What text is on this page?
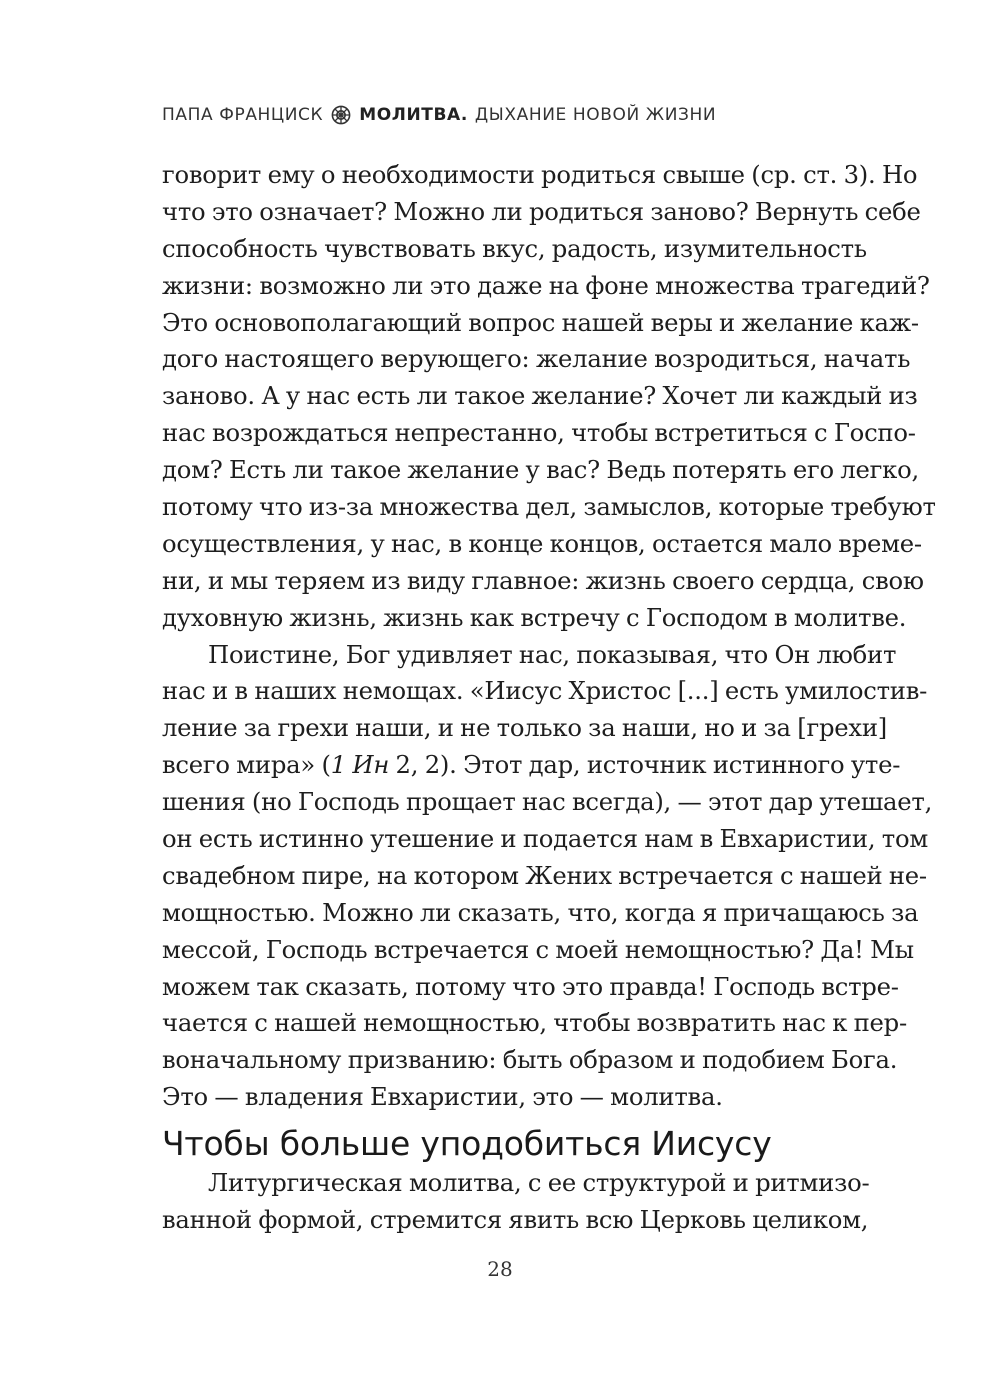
ПАПА ФРАНЦИСК МОЛИТВА. ДЫХАНИЕ НОВОЙ ЖИЗНИ
говорит ему о необходимости родиться свыше (ср. ст. 3). Но
что это означает? Можно ли родиться заново? Вернуть себе
способность чувствовать вкус, радость, изумительность
жизни: возможно ли это даже на фоне множества трагедий?
Это основополагающий вопрос нашей веры и желание каж-
дого настоящего верующего: желание возродиться, начать
заново. А у нас есть ли такое желание? Хочет ли каждый из
нас возрождаться непрестанно, чтобы встретиться с Госпо-
дом? Есть ли такое желание у вас? Ведь потерять его легко,
потому что из-за множества дел, замыслов, которые требуют
осуществления, у нас, в конце концов, остается мало време-
ни, и мы теряем из виду главное: жизнь своего сердца, свою
духовную жизнь, жизнь как встречу с Господом в молитве.
Поистине, Бог удивляет нас, показывая, что Он любит
нас и в наших немощах. «Иисус Христос [...] есть умилостив-
ление за грехи наши, и не только за наши, но и за [грехи]
всего мира» (1 Ин 2, 2). Этот дар, источник истинного уте-
шения (но Господь прощает нас всегда), — этот дар утешает,
он есть истинно утешение и подается нам в Евхаристии, том
свадебном пире, на котором Жених встречается с нашей не-
мощностью. Можно ли сказать, что, когда я причащаюсь за
мессой, Господь встречается с моей немощностью? Да! Мы
можем так сказать, потому что это правда! Господь встре-
чается с нашей немощностью, чтобы возвратить нас к пер-
воначальному призванию: быть образом и подобием Бога.
Это — владения Евхаристии, это — молитва.
Чтобы больше уподобиться Иисусу
Литургическая молитва, с ее структурой и ритмизо-
ванной формой, стремится явить всю Церковь целиком,
28
